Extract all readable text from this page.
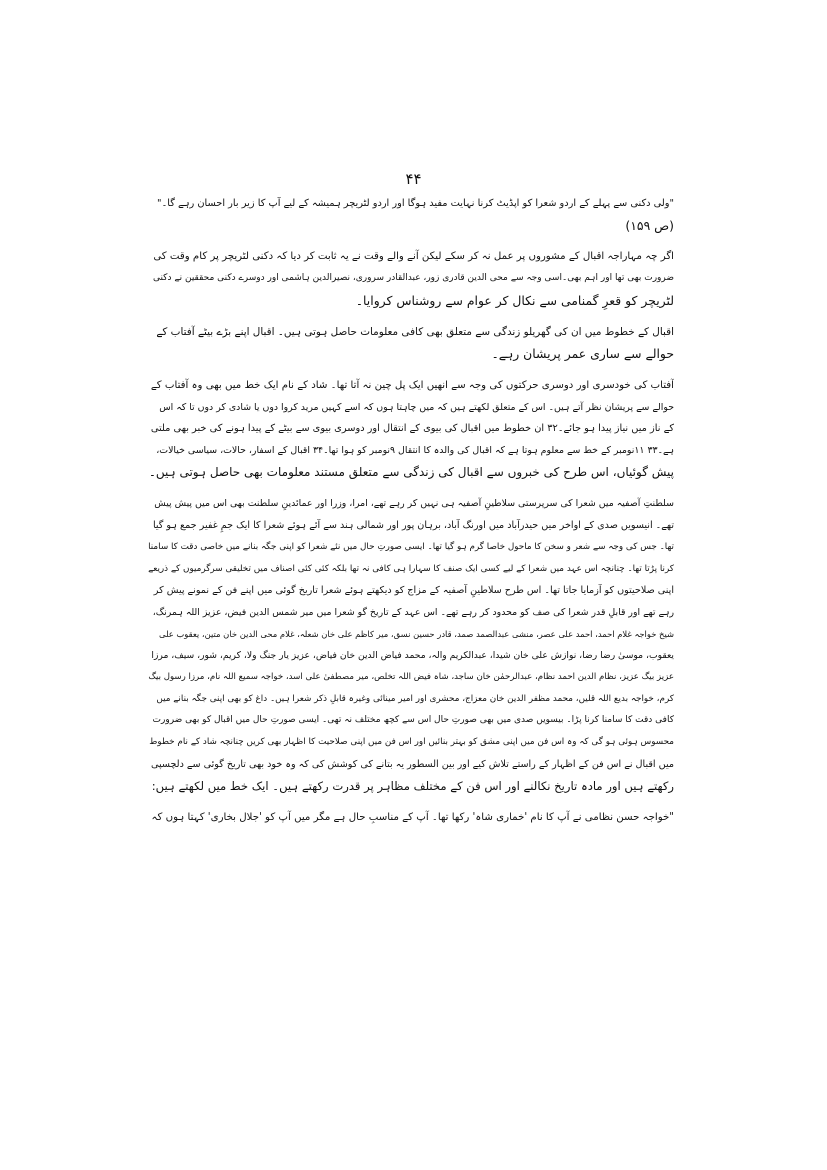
۴۴
"ولی دکنی سے پہلے کے اردو شعرا کو اپڈیٹ کرنا نہایت مفید ہوگا اور اردو لٹریچر ہمیشہ کے لیے آپ کا زیر بار احسان رہے گا۔"
(ص ۱۵۹)
اگر چہ مہاراجہ اقبال کے مشوروں پر عمل نہ کر سکے لیکن آنے والے وقت نے یہ ثابت کر دیا کہ دکنی لٹریچر پر کام وقت کی
ضرورت بھی تھا اور اہم بھی۔اسی وجہ سے محی الدین قادری زور، عبدالقادر سروری، نصیرالدین ہاشمی اور دوسرے دکنی محققین نے دکنی
لٹریچر کو قعرِ گمنامی سے نکال کر عوام سے روشناس کروایا۔
اقبال کے خطوط میں ان کی گھریلو زندگی سے متعلق بھی کافی معلومات حاصل ہوتی ہیں۔ اقبال اپنے بڑے بیٹے آفتاب کے
حوالے سے ساری عمر پریشان رہے۔
آفتاب کی خودسری اور دوسری حرکتوں کی وجہ سے انھیں ایک پل چین نہ آتا تھا۔ شاد کے نام ایک خط میں بھی وہ آفتاب کے
حوالے سے پریشان نظر آتے ہیں۔ اس کے متعلق لکھتے ہیں کہ میں چاہتا ہوں کہ اسے کہیں مرید کروا دوں یا شادی کر دوں تا کہ اس
کے ناز میں نیاز پیدا ہو جائے۔۳۲ ان خطوط میں اقبال کی بیوی کے انتقال اور دوسری بیوی سے بیٹے کے پیدا ہونے کی خبر بھی ملتی
ہے۔۳۳ ۱۱نومبر کے خط سے معلوم ہوتا ہے کہ اقبال کی والدہ کا انتقال ۹نومبر کو ہوا تھا۔۳۴ اقبال کے اسفار، حالات، سیاسی خیالات،
پیش گوئیاں، اس طرح کی خبروں سے اقبال کی زندگی سے متعلق مستند معلومات بھی حاصل ہوتی ہیں۔
سلطنتِ آصفیہ میں شعرا کی سرپرستی سلاطینِ آصفیہ ہی نہیں کر رہے تھے، امرا، وزرا اور عمائدینِ سلطنت بھی اس میں پیش پیش
تھے۔ انیسویں صدی کے اواخر میں حیدرآباد میں اورنگ آباد، برہان پور اور شمالی ہند سے آئے ہوئے شعرا کا ایک جمِ غفیر جمع ہو گیا
تھا۔ جس کی وجہ سے شعر و سخن کا ماحول خاصا گرم ہو گیا تھا۔ ایسی صورتِ حال میں نئے شعرا کو اپنی جگہ بنانے میں خاصی دقت کا سامنا
کرنا پڑتا تھا۔ چنانچہ اس عہد میں شعرا کے لیے کسی ایک صنف کا سہارا ہی کافی نہ تھا بلکہ کئی کئی اصناف میں تخلیقی سرگرمیوں کے ذریعے
اپنی صلاحیتوں کو آزمایا جاتا تھا۔ اس طرح سلاطینِ آصفیہ کے مزاج کو دیکھتے ہوئے شعرا تاریخ گوئی میں اپنے فن کے نمونے پیش کر
رہے تھے اور قابلِ قدر شعرا کی صف کو محدود کر رہے تھے۔ اس عہد کے تاریخ گو شعرا میں میر شمس الدین فیض، عزیز اللہ ہمرنگ،
شیخ خواجہ غلام احمد، احمد علی عصر، منشی عبدالصمد صمد، قادر حسین نسق، میر کاظم علی خان شعلہ، غلام محی الدین خان متین، یعقوب علی
یعقوب، موسیٰ رضا رضا، نوازش علی خان شیدا، عبدالکریم والہ، محمد فیاض الدین خان فیاض، عزیز یار جنگ ولا، کریم، شور، سیف، مرزا
عزیز بیگ عزیز، نظام الدین احمد نظام، عبدالرحمٰن خان ساجد، شاہ فیض اللہ تخلص، میر مصطفیٰ علی اسد، خواجہ سمیع اللہ نام، مرزا رسول بیگ
کرم، خواجہ بدیع اللہ قلیں، محمد مظفر الدین خان معزاج، محشری اور امیر مینائی وغیرہ قابلِ ذکر شعرا ہیں۔ داغ کو بھی اپنی جگہ بنانے میں
کافی دقت کا سامنا کرنا پڑا۔ بیسویں صدی میں بھی صورتِ حال اس سے کچھ مختلف نہ تھی۔ ایسی صورتِ حال میں اقبال کو بھی ضرورت
محسوس ہوئی ہو گی کہ وہ اس فن میں اپنی مشق کو بہتر بنائیں اور اس فن میں اپنی صلاحیت کا اظہار بھی کریں چنانچہ شاد کے نام خطوط
میں اقبال نے اس فن کے اظہار کے راستے تلاش کیے اور بین السطور یہ بتانے کی کوشش کی کہ وہ خود بھی تاریخ گوئی سے دلچسپی
رکھتے ہیں اور مادہ تاریخ نکالنے اور اس فن کے مختلف مظاہر پر قدرت رکھتے ہیں۔ ایک خط میں لکھتے ہیں:
"خواجہ حسن نظامی نے آپ کا نام 'خماری شاہ' رکھا تھا۔ آپ کے مناسبِ حال ہے مگر میں آپ کو 'جلال بخاری' کہتا ہوں کہ
